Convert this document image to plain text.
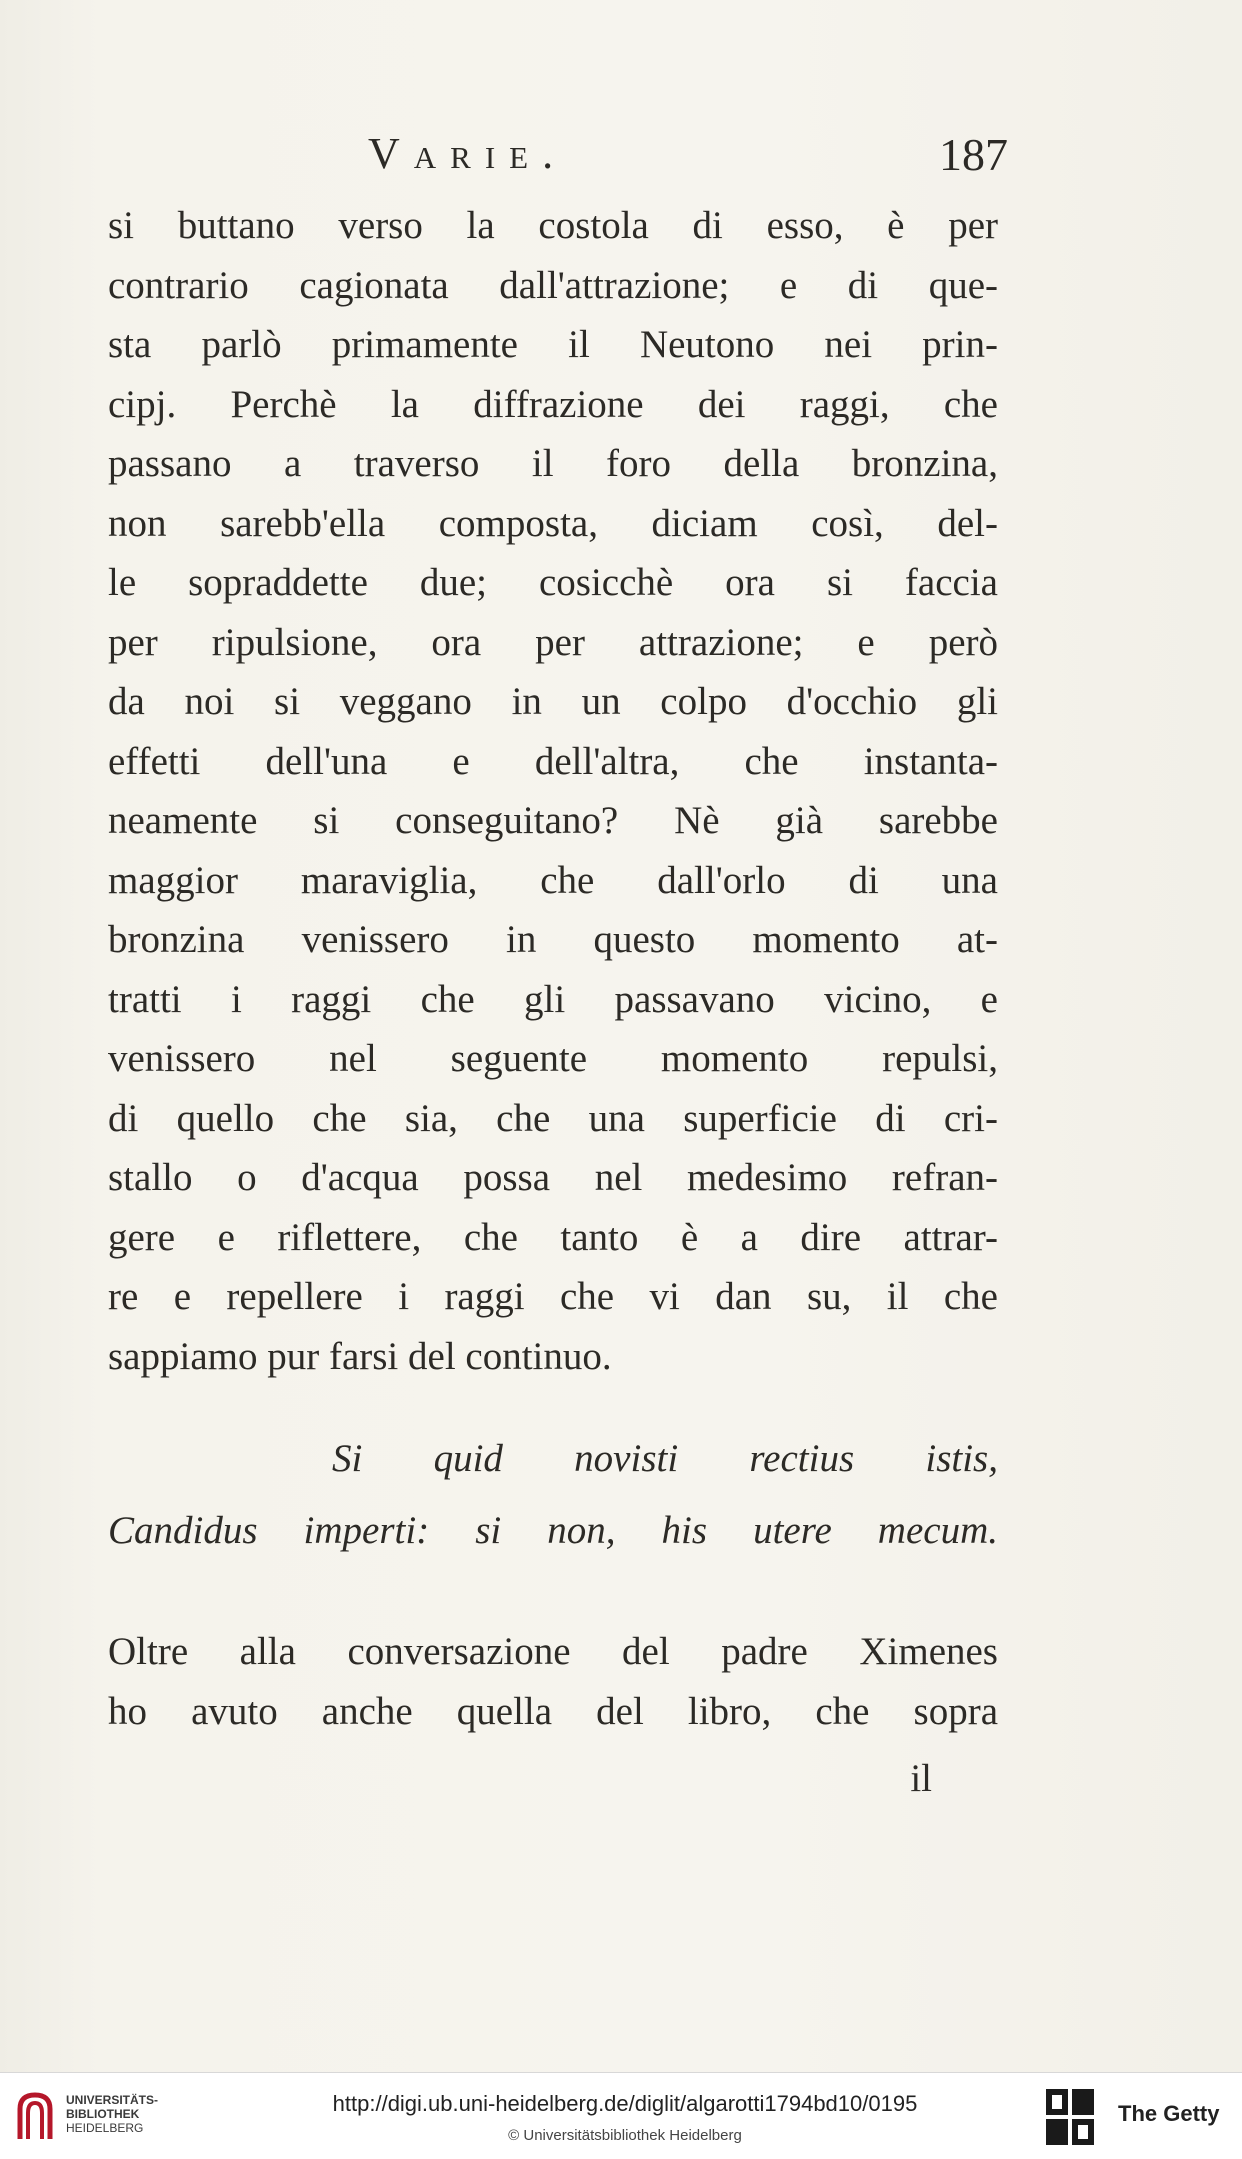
Varie.	187
si buttano verso la costola di esso, è per
contrario cagionata dall'attrazione; e di que-
sta parlò primamente il Neutono nei prin-
cipj. Perchè la diffrazione dei raggi, che
passano a traverso il foro della bronzina,
non sarebb'ella composta, diciam così, del-
le sopraddette due; cosicchè ora si faccia
per ripulsione, ora per attrazione; e però
da noi si veggano in un colpo d'occhio gli
effetti dell'una e dell'altra, che instanta-
neamente si conseguitano? Nè già sarebbe
maggior maraviglia, che dall'orlo di una
bronzina venissero in questo momento at-
tratti i raggi che gli passavano vicino, e
venissero nel seguente momento repulsi,
di quello che sia, che una superficie di cri-
stallo o d'acqua possa nel medesimo refran-
gere e riflettere, che tanto è a dire attrar-
re e repellere i raggi che vi dan su, il che
sappiamo pur farsi del continuo.
Si quid novisti rectius istis,
Candidus imperti: si non, his utere mecum.
Oltre alla conversazione del padre Ximenes
ho avuto anche quella del libro, che sopra
il
UNIVERSITÄTS-
BIBLIOTHEK
HEIDELBERG
http://digi.ub.uni-heidelberg.de/diglit/algarotti1794bd10/0195
© Universitätsbibliothek Heidelberg
The Getty
